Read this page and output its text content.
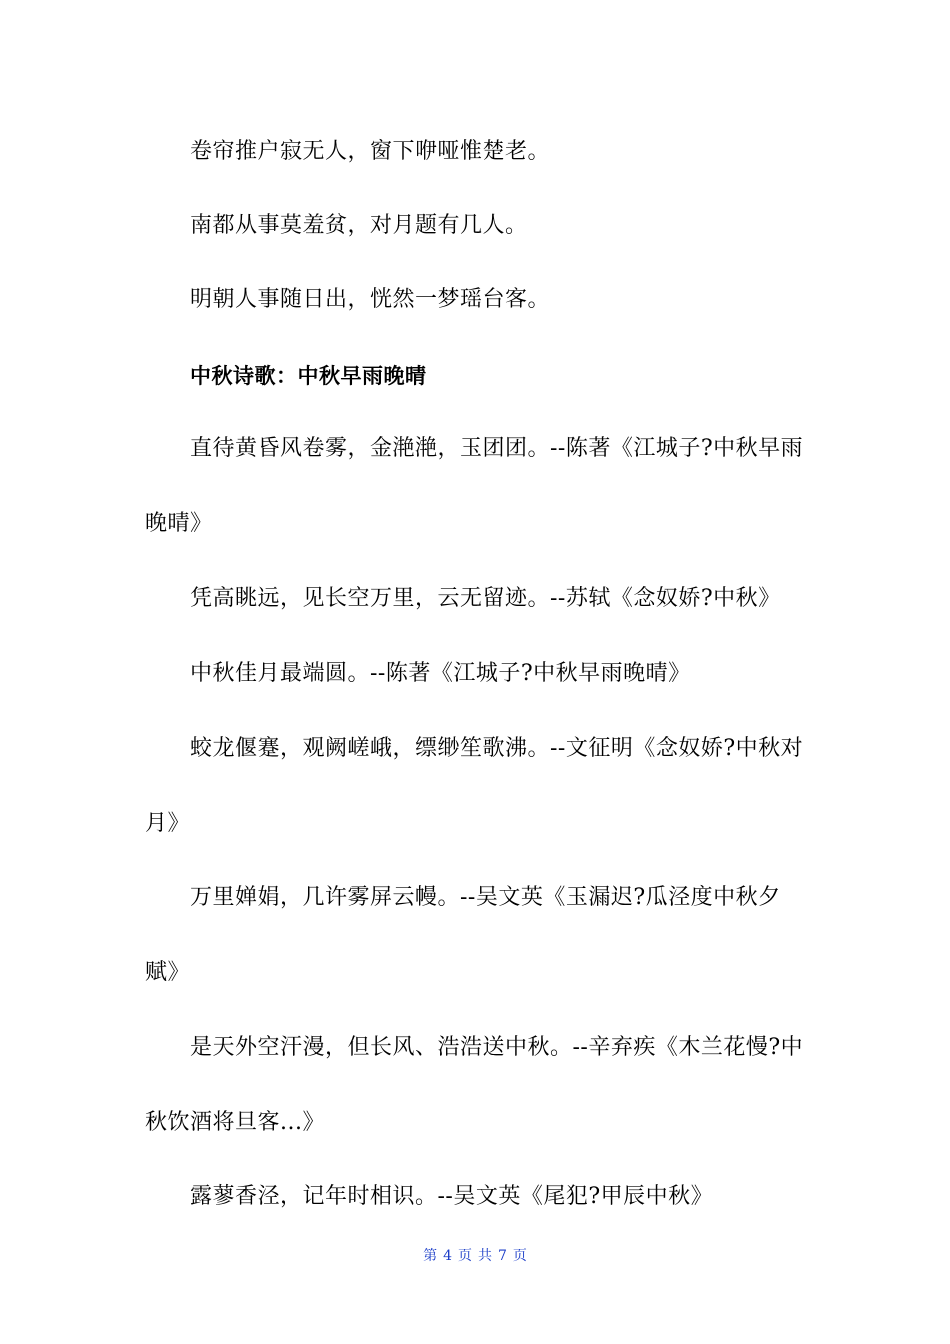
卷帘推户寂无人，窗下咿哑惟楚老。
南都从事莫羞贫，对月题有几人。
明朝人事随日出，恍然一梦瑶台客。
中秋诗歌：中秋早雨晚晴
直待黄昏风卷雾，金滟滟，玉团团。--陈著《江城子?中秋早雨
晚晴》
凭高眺远，见长空万里，云无留迹。--苏轼《念奴娇?中秋》
中秋佳月最端圆。--陈著《江城子?中秋早雨晚晴》
蛟龙偃蹇，观阙嵯峨，缥缈笙歌沸。--文征明《念奴娇?中秋对
月》
万里婵娟，几许雾屏云幔。--吴文英《玉漏迟?瓜泾度中秋夕
赋》
是天外空汗漫，但长风、浩浩送中秋。--辛弃疾《木兰花慢?中
秋饮酒将旦客...》
露蓼香泾，记年时相识。--吴文英《尾犯?甲辰中秋》
第 4 页 共 7 页
